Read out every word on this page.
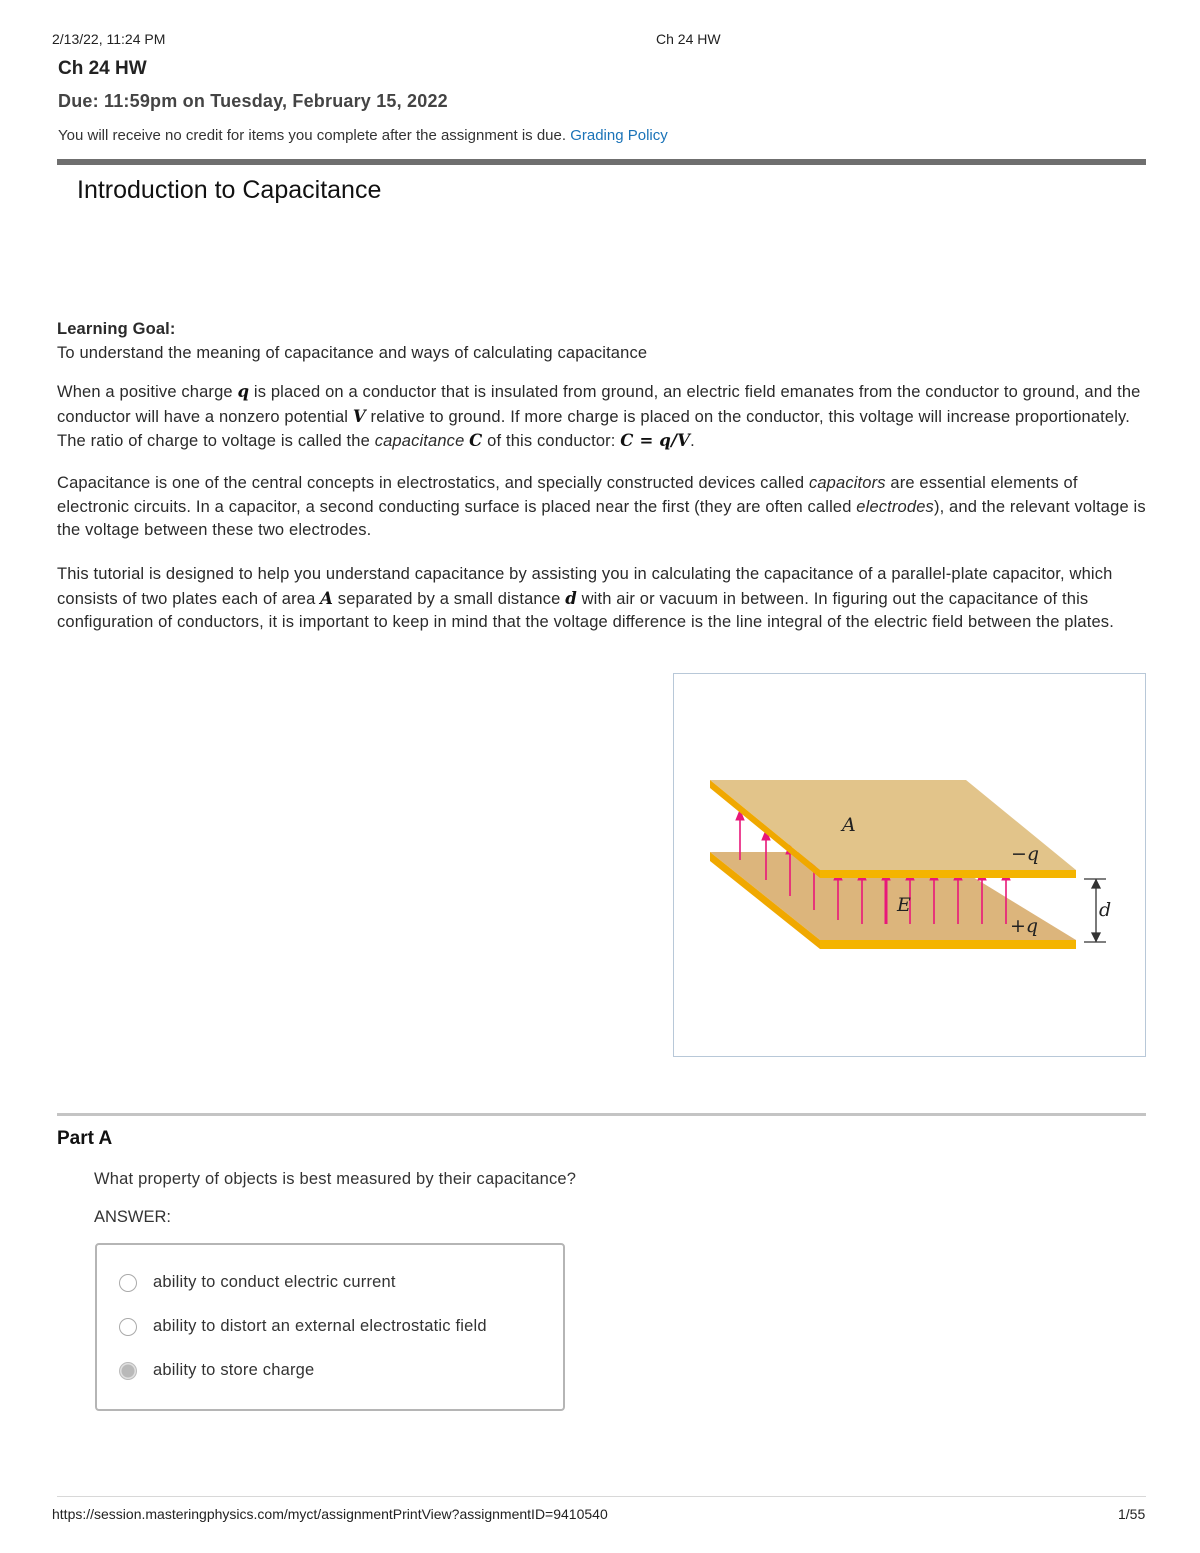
2/13/22, 11:24 PM	Ch 24 HW
Ch 24 HW
Due: 11:59pm on Tuesday, February 15, 2022
You will receive no credit for items you complete after the assignment is due. Grading Policy
Introduction to Capacitance
Learning Goal:
To understand the meaning of capacitance and ways of calculating capacitance

When a positive charge q is placed on a conductor that is insulated from ground, an electric field emanates from the conductor to ground, and the conductor will have a nonzero potential V relative to ground. If more charge is placed on the conductor, this voltage will increase proportionately. The ratio of charge to voltage is called the capacitance C of this conductor: C = q/V.

Capacitance is one of the central concepts in electrostatics, and specially constructed devices called capacitors are essential elements of electronic circuits. In a capacitor, a second conducting surface is placed near the first (they are often called electrodes), and the relevant voltage is the voltage between these two electrodes.

This tutorial is designed to help you understand capacitance by assisting you in calculating the capacitance of a parallel-plate capacitor, which consists of two plates each of area A separated by a small distance d with air or vacuum in between. In figuring out the capacitance of this configuration of conductors, it is important to keep in mind that the voltage difference is the line integral of the electric field between the plates.

A
−q
E
+q
d
Part A
What property of objects is best measured by their capacitance?
ANSWER:
ability to conduct electric current
ability to distort an external electrostatic field
ability to store charge
https://session.masteringphysics.com/myct/assignmentPrintView?assignmentID=9410540	1/55
